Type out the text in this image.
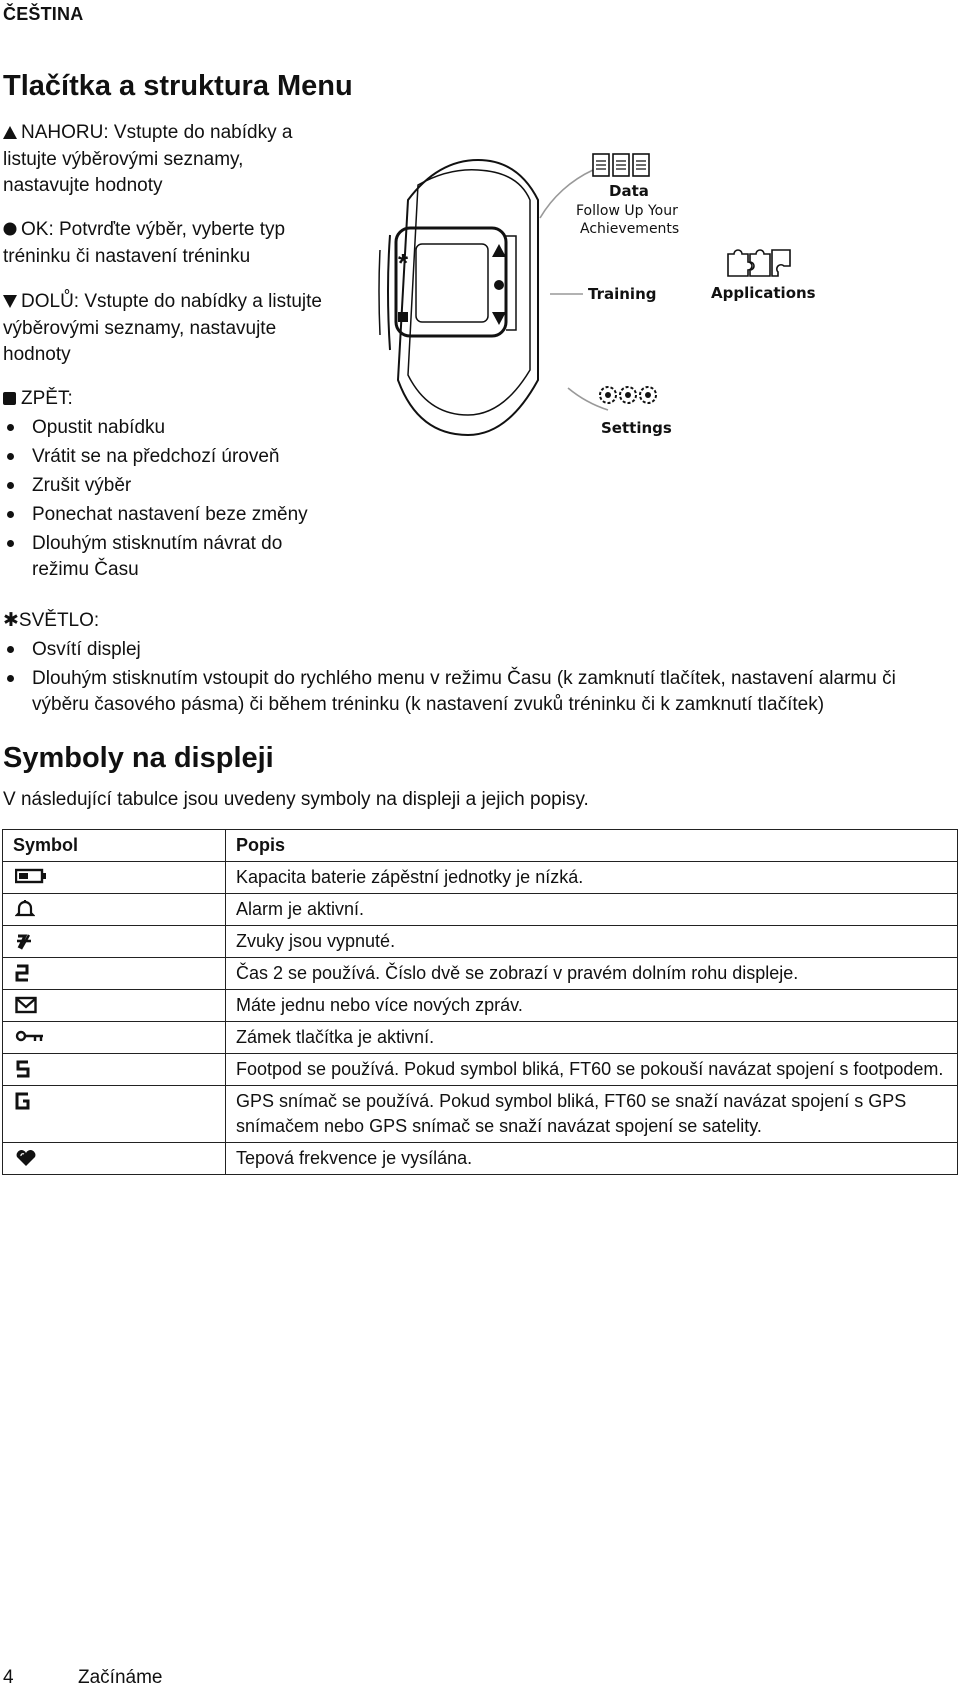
ČEŠTINA
Tlačítka a struktura Menu
NAHORU: Vstupte do nabídky a listujte výběrovými seznamy, nastavujte hodnoty
OK: Potvrďte výběr, vyberte typ tréninku či nastavení tréninku
DOLŮ: Vstupte do nabídky a listujte výběrovými seznamy, nastavujte hodnoty
ZPĚT:
Opustit nabídku
Vrátit se na předchozí úroveň
Zrušit výběr
Ponechat nastavení beze změny
Dlouhým stisknutím návrat do režimu Času
✱SVĚTLO:
Osvítí displej
Dlouhým stisknutím vstoupit do rychlého menu v režimu Času (k zamknutí tlačítek, nastavení alarmu či výběru časového pásma) či během tréninku (k nastavení zvuků tréninku či k zamknutí tlačítek)
*
Data
Follow Up Your
Achievements
Training	Applications
Settings
Symboly na displeji
V následující tabulce jsou uvedeny symboly na displeji a jejich popisy.
Symbol	Popis

	Kapacita baterie zápěstní jednotky je nízká.

	Alarm je aktivní.

	Zvuky jsou vypnuté.

	Čas 2 se používá. Číslo dvě se zobrazí v pravém dolním rohu displeje.

	Máte jednu nebo více nových zpráv.

	Zámek tlačítka je aktivní.

	Footpod se používá. Pokud symbol bliká, FT60 se pokouší navázat spojení s footpodem.

	GPS snímač se používá. Pokud symbol bliká, FT60 se snaží navázat spojení s GPS snímačem nebo GPS snímač se snaží navázat spojení se satelity.

	Tepová frekvence je vysílána.
4	Začínáme
